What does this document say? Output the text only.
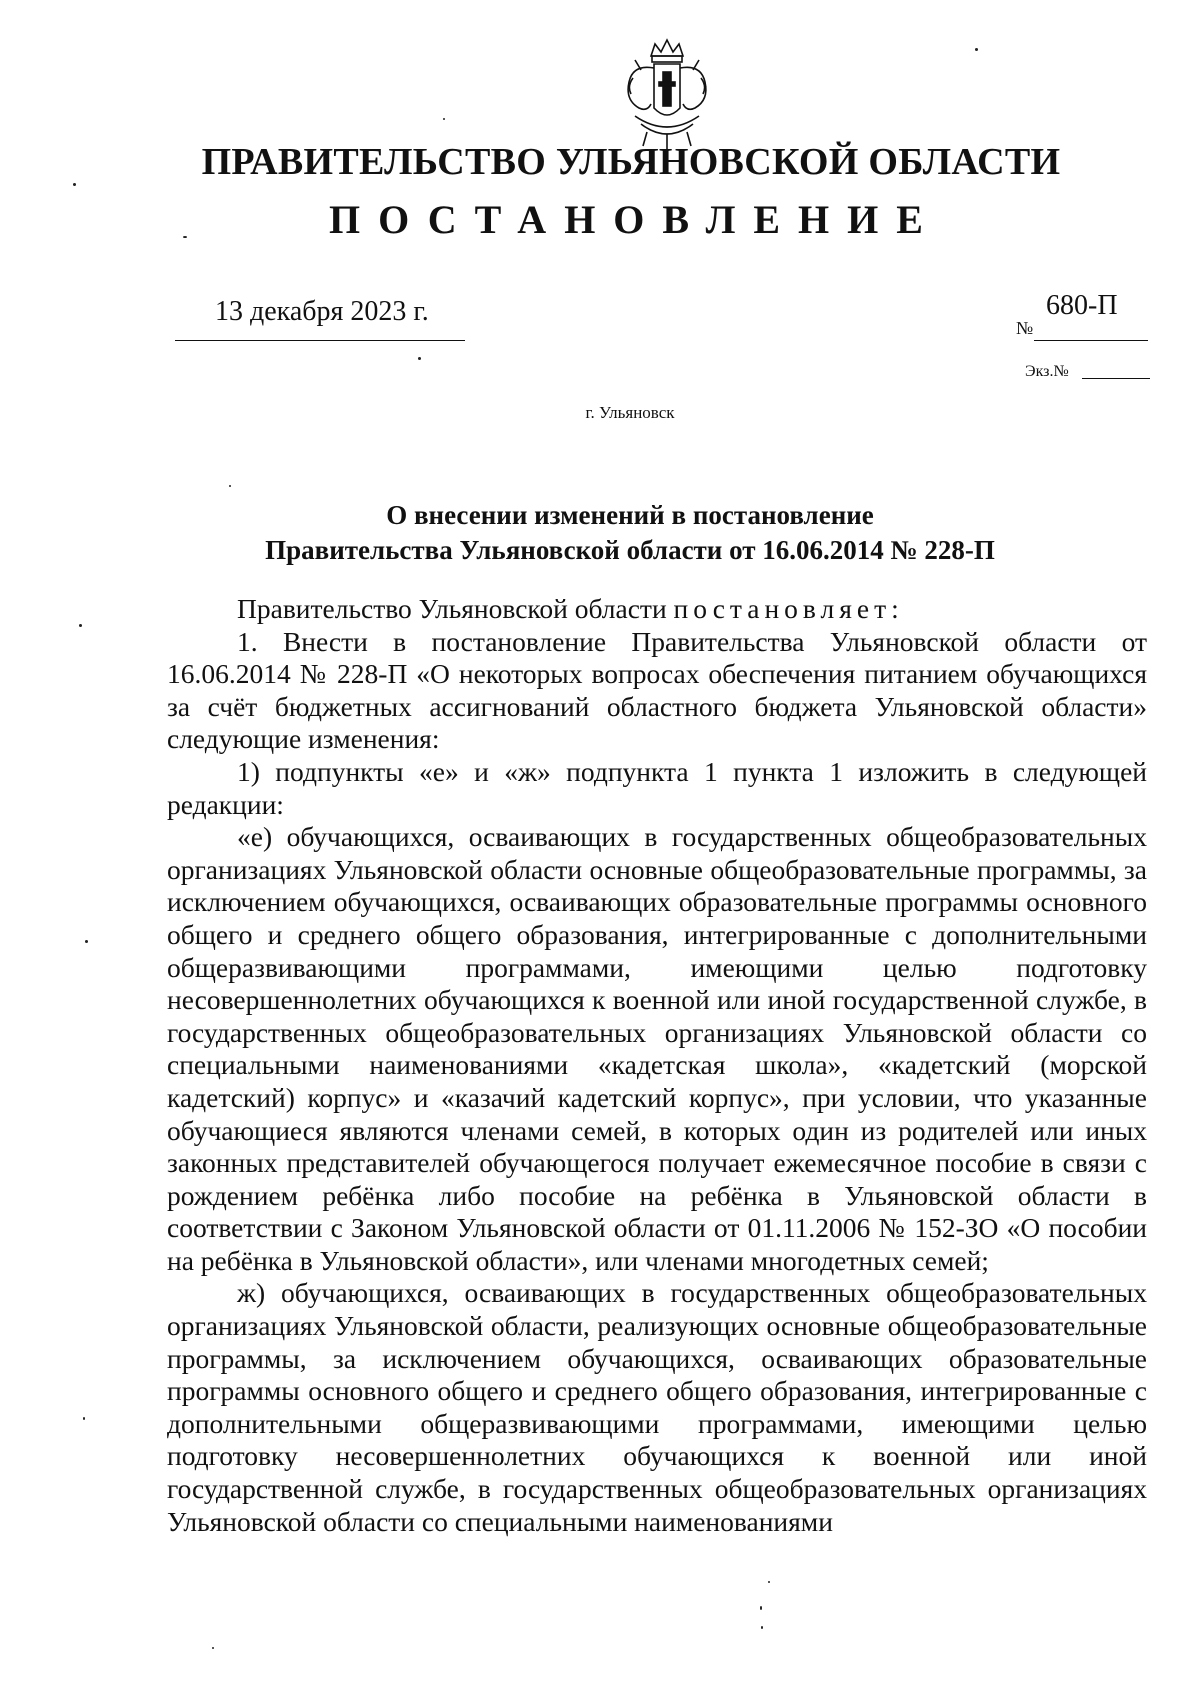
ПРАВИТЕЛЬСТВО УЛЬЯНОВСКОЙ ОБЛАСТИ
ПОСТАНОВЛЕНИЕ
13 декабря 2023 г.
№
680-П
Экз.№
г. Ульяновск
О внесении изменений в постановление
Правительства Ульяновской области от 16.06.2014 № 228-П

Правительство Ульяновской области постановляет:

1. Внести в постановление Правительства Ульяновской области от 16.06.2014 № 228-П «О некоторых вопросах обеспечения питанием обучающихся за счёт бюджетных ассигнований областного бюджета Ульяновской области» следующие изменения:

1) подпункты «е» и «ж» подпункта 1 пункта 1 изложить в следующей редакции:

«е) обучающихся, осваивающих в государственных общеобразовательных организациях Ульяновской области основные общеобразовательные программы, за исключением обучающихся, осваивающих образовательные программы основного общего и среднего общего образования, интегрированные с дополнительными общеразвивающими программами, имеющими целью подготовку несовершеннолетних обучающихся к военной или иной государственной службе, в государственных общеобразовательных организациях Ульяновской области со специальными наименованиями «кадетская школа», «кадетский (морской кадетский) корпус» и «казачий кадетский корпус», при условии, что указанные обучающиеся являются членами семей, в которых один из родителей или иных законных представителей обучающегося получает ежемесячное пособие в связи с рождением ребёнка либо пособие на ребёнка в Ульяновской области в соответствии с Законом Ульяновской области от 01.11.2006 № 152-ЗО «О пособии на ребёнка в Ульяновской области», или членами многодетных семей;

ж) обучающихся, осваивающих в государственных общеобразовательных организациях Ульяновской области, реализующих основные общеобразовательные программы, за исключением обучающихся, осваивающих образовательные программы основного общего и среднего общего образования, интегрированные с дополнительными общеразвивающими программами, имеющими целью подготовку несовершеннолетних обучающихся к военной или иной государственной службе, в государственных общеобразовательных организациях Ульяновской области со специальными наименованиями
